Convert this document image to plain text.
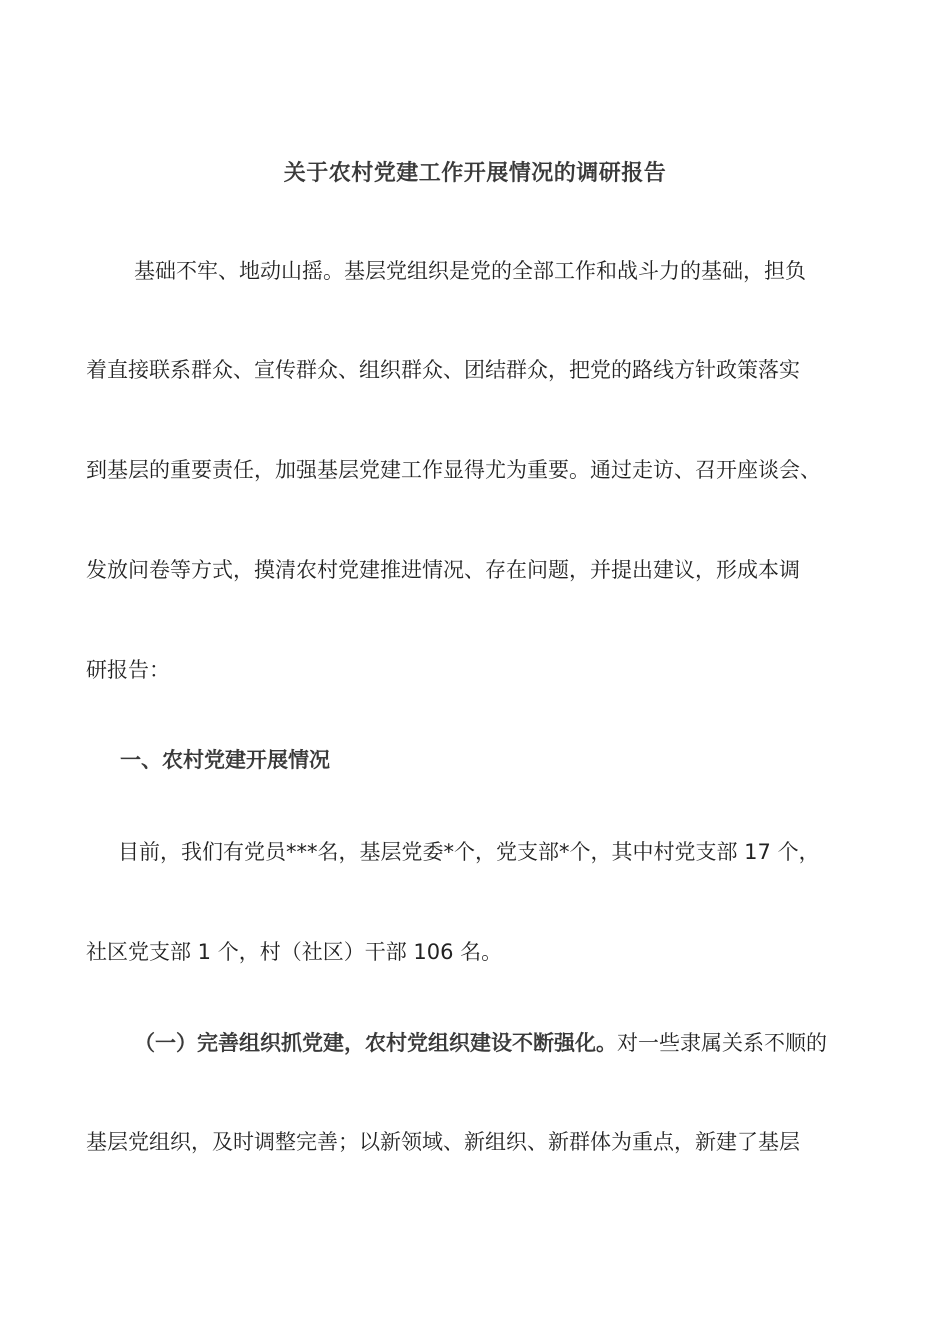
关于农村党建工作开展情况的调研报告
基础不牢、地动山摇。基层党组织是党的全部工作和战斗力的基础，担负
着直接联系群众、宣传群众、组织群众、团结群众，把党的路线方针政策落实
到基层的重要责任，加强基层党建工作显得尤为重要。通过走访、召开座谈会、
发放问卷等方式，摸清农村党建推进情况、存在问题，并提出建议，形成本调
研报告：
一、农村党建开展情况
目前，我们有党员***名，基层党委*个，党支部*个，其中村党支部 17 个，
社区党支部 1 个，村（社区）干部 106 名。
（一）完善组织抓党建，农村党组织建设不断强化。对一些隶属关系不顺的
基层党组织，及时调整完善；以新领域、新组织、新群体为重点，新建了基层
